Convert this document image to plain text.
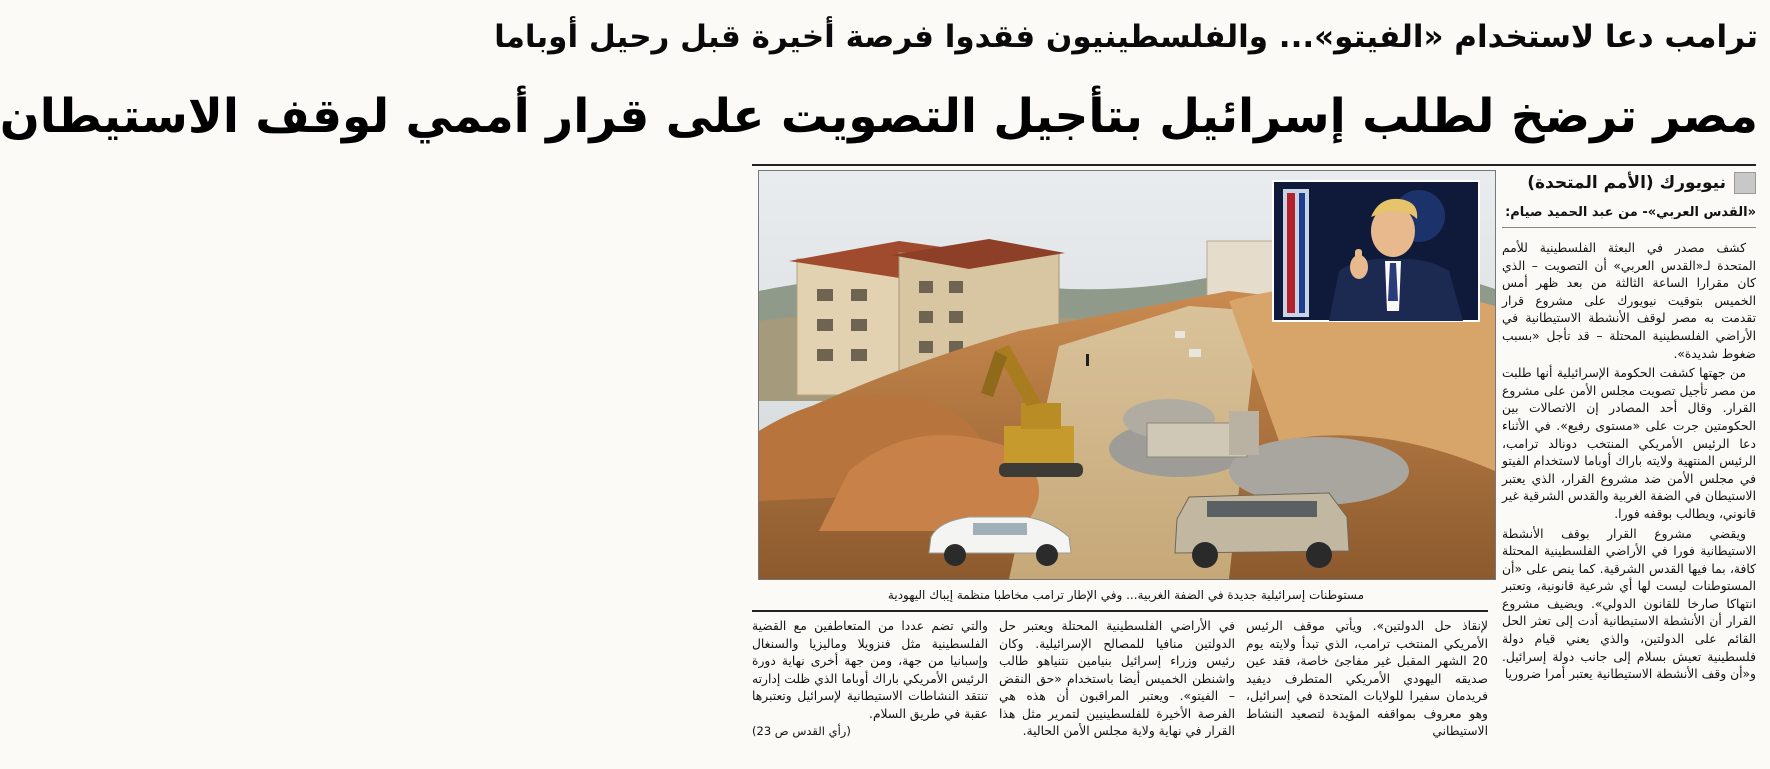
ترامب دعا لاستخدام «الفيتو»... والفلسطينيون فقدوا فرصة أخيرة قبل رحيل أوباما
مصر ترضخ لطلب إسرائيل بتأجيل التصويت على قرار أممي لوقف الاستيطان
نيويورك (الأمم المتحدة)
«القدس العربي»- من عبد الحميد صيام:

كشف مصدر في البعثة الفلسطينية للأمم المتحدة لـ«القدس العربي» أن التصويت – الذي كان مقرارا الساعة الثالثة من بعد ظهر أمس الخميس بتوقيت نيويورك على مشروع قرار تقدمت به مصر لوقف الأنشطة الاستيطانية في الأراضي الفلسطينية المحتلة – قد تأجل «بسبب ضغوط شديدة».

من جهتها كشفت الحكومة الإسرائيلية أنها طلبت من مصر تأجيل تصويت مجلس الأمن على مشروع القرار. وقال أحد المصادر إن الاتصالات بين الحكومتين جرت على «مستوى رفيع». في الأثناء دعا الرئيس الأمريكي المنتخب دونالد ترامب، الرئيس المنتهية ولايته باراك أوباما لاستخدام الفيتو في مجلس الأمن ضد مشروع القرار، الذي يعتبر الاستيطان في الضفة الغربية والقدس الشرقية غير قانوني، ويطالب بوقفه فورا.

ويقضي مشروع القرار بوقف الأنشطة الاستيطانية فورا في الأراضي الفلسطينية المحتلة كافة، بما فيها القدس الشرقية. كما ينص على «أن المستوطنات ليست لها أي شرعية قانونية، وتعتبر انتهاكا صارخا للقانون الدولي». ويضيف مشروع القرار أن الأنشطة الاستيطانية أدت إلى تعثر الحل القائم على الدولتين، والذي يعني قيام دولة فلسطينية تعيش بسلام إلى جانب دولة إسرائيل. و«أن وقف الأنشطة الاستيطانية يعتبر أمرا ضروريا

مستوطنات إسرائيلية جديدة في الضفة الغربية... وفي الإطار ترامب مخاطبا منظمة إيباك اليهودية

لإنقاذ حل الدولتين». ويأتي موقف الرئيس الأمريكي المنتخب ترامب، الذي تبدأ ولايته يوم 20 الشهر المقبل غير مفاجئ خاصة، فقد عين صديقه اليهودي الأمريكي المتطرف ديفيد فريدمان سفيرا للولايات المتحدة في إسرائيل، وهو معروف بمواقفه المؤيدة لتصعيد النشاط الاستيطاني

في الأراضي الفلسطينية المحتلة ويعتبر حل الدولتين منافيا للمصالح الإسرائيلية. وكان رئيس وزراء إسرائيل بنيامين نتنياهو طالب واشنطن الخميس أيضا باستخدام «حق النقض – الفيتو». ويعتبر المراقبون أن هذه هي الفرصة الأخيرة للفلسطينيين لتمرير مثل هذا القرار في نهاية ولاية مجلس الأمن الحالية.

والتي تضم عددا من المتعاطفين مع القضية الفلسطينية مثل فنزويلا وماليزيا والسنغال وإسبانيا من جهة، ومن جهة أخرى نهاية دورة الرئيس الأمريكي باراك أوباما الذي ظلت إدارته تنتقد النشاطات الاستيطانية لإسرائيل وتعتبرها عقبة في طريق السلام.

(رأي القدس ص 23)
